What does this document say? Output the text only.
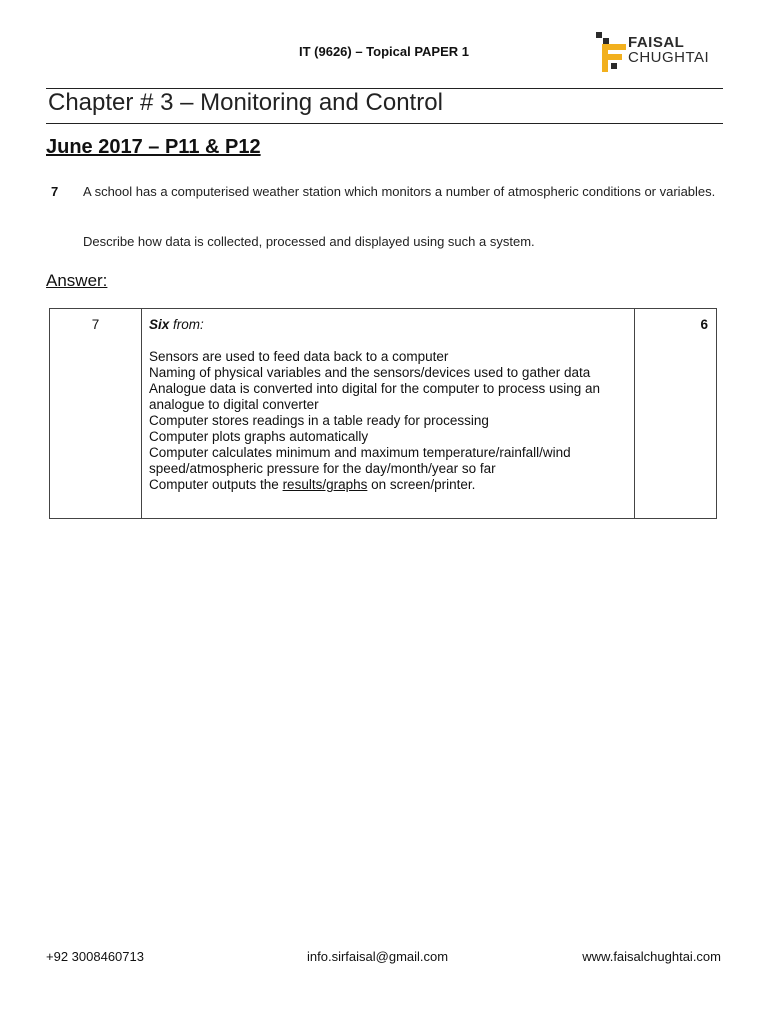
IT (9626) – Topical PAPER 1
FAISAL
CHUGHTAI
Chapter # 3 – Monitoring and Control
June 2017 – P11 & P12
7 A school has a computerised weather station which monitors a number of atmospheric conditions or variables.
Describe how data is collected, processed and displayed using such a system.
Answer:
7	Six from:
Sensors are used to feed data back to a computer
Naming of physical variables and the sensors/devices used to gather data
Analogue data is converted into digital for the computer to process using an analogue to digital converter
Computer stores readings in a table ready for processing
Computer plots graphs automatically
Computer calculates minimum and maximum temperature/rainfall/wind speed/atmospheric pressure for the day/month/year so far
Computer outputs the results/graphs on screen/printer.
	6
+92 3008460713	info.sirfaisal@gmail.com	www.faisalchughtai.com
